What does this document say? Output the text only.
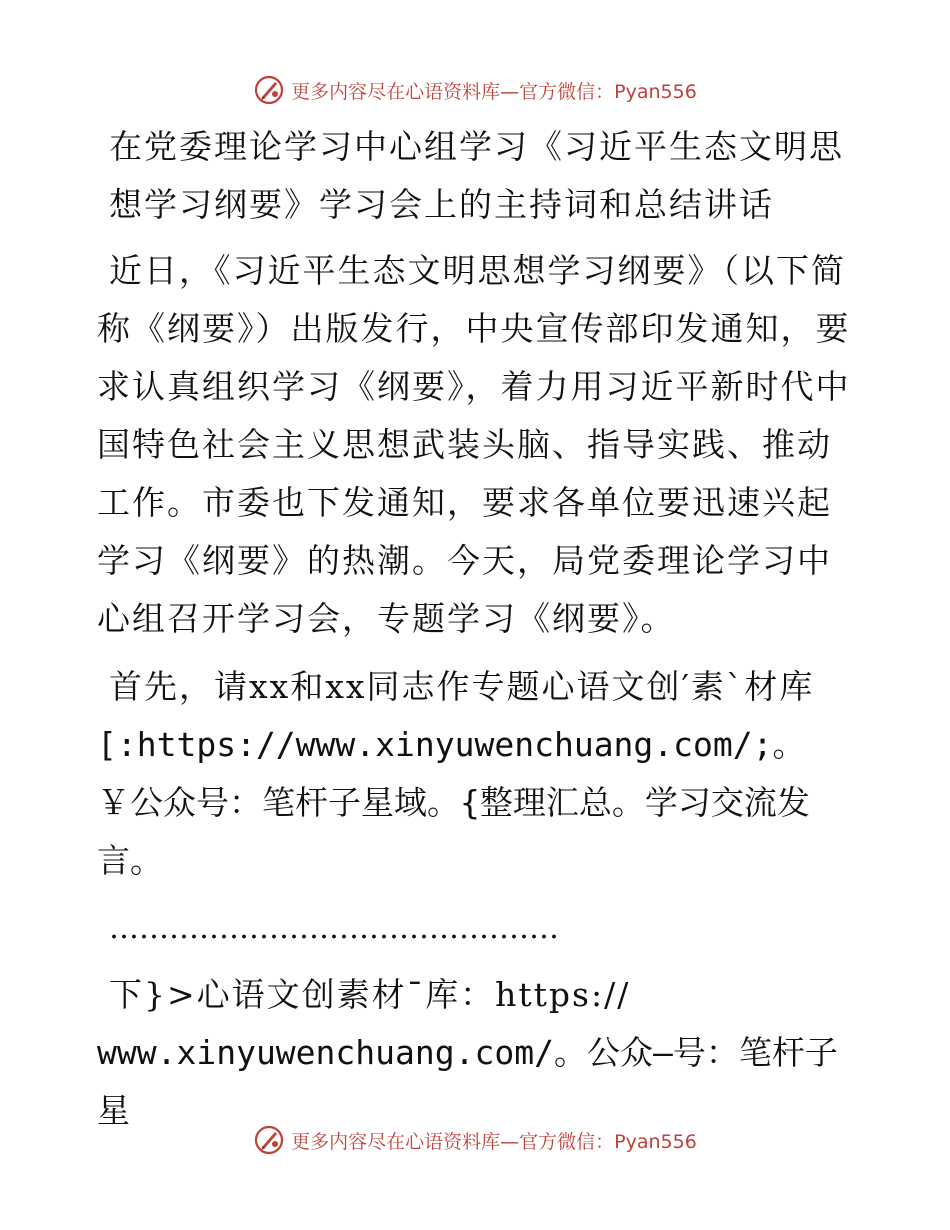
更多内容尽在心语资料库—官方微信：Pyan556
在党委理论学习中心组学习《习近平生态文明思想学习纲要》学习会上的主持词和总结讲话

近日，《习近平生态文明思想学习纲要》（以下简称《纲要》）出版发行，中央宣传部印发通知，要求认真组织学习《纲要》，着力用习近平新时代中国特色社会主义思想武装头脑、指导实践、推动工作。市委也下发通知，要求各单位要迅速兴起学习《纲要》的热潮。今天，局党委理论学习中心组召开学习会，专题学习《纲要》。

首先，请xx和xx同志作专题心语文创′素`材库[:https://www.xinyuwenchuang.com/;。￥公众号：笔杆子星域。{整理汇总。学习交流发言。

………………………………………

下}>心语文创素材¯库：https://
www.xinyuwenchuang.com/。公众—号：笔杆子星

更多内容尽在心语资料库—官方微信：Pyan556
